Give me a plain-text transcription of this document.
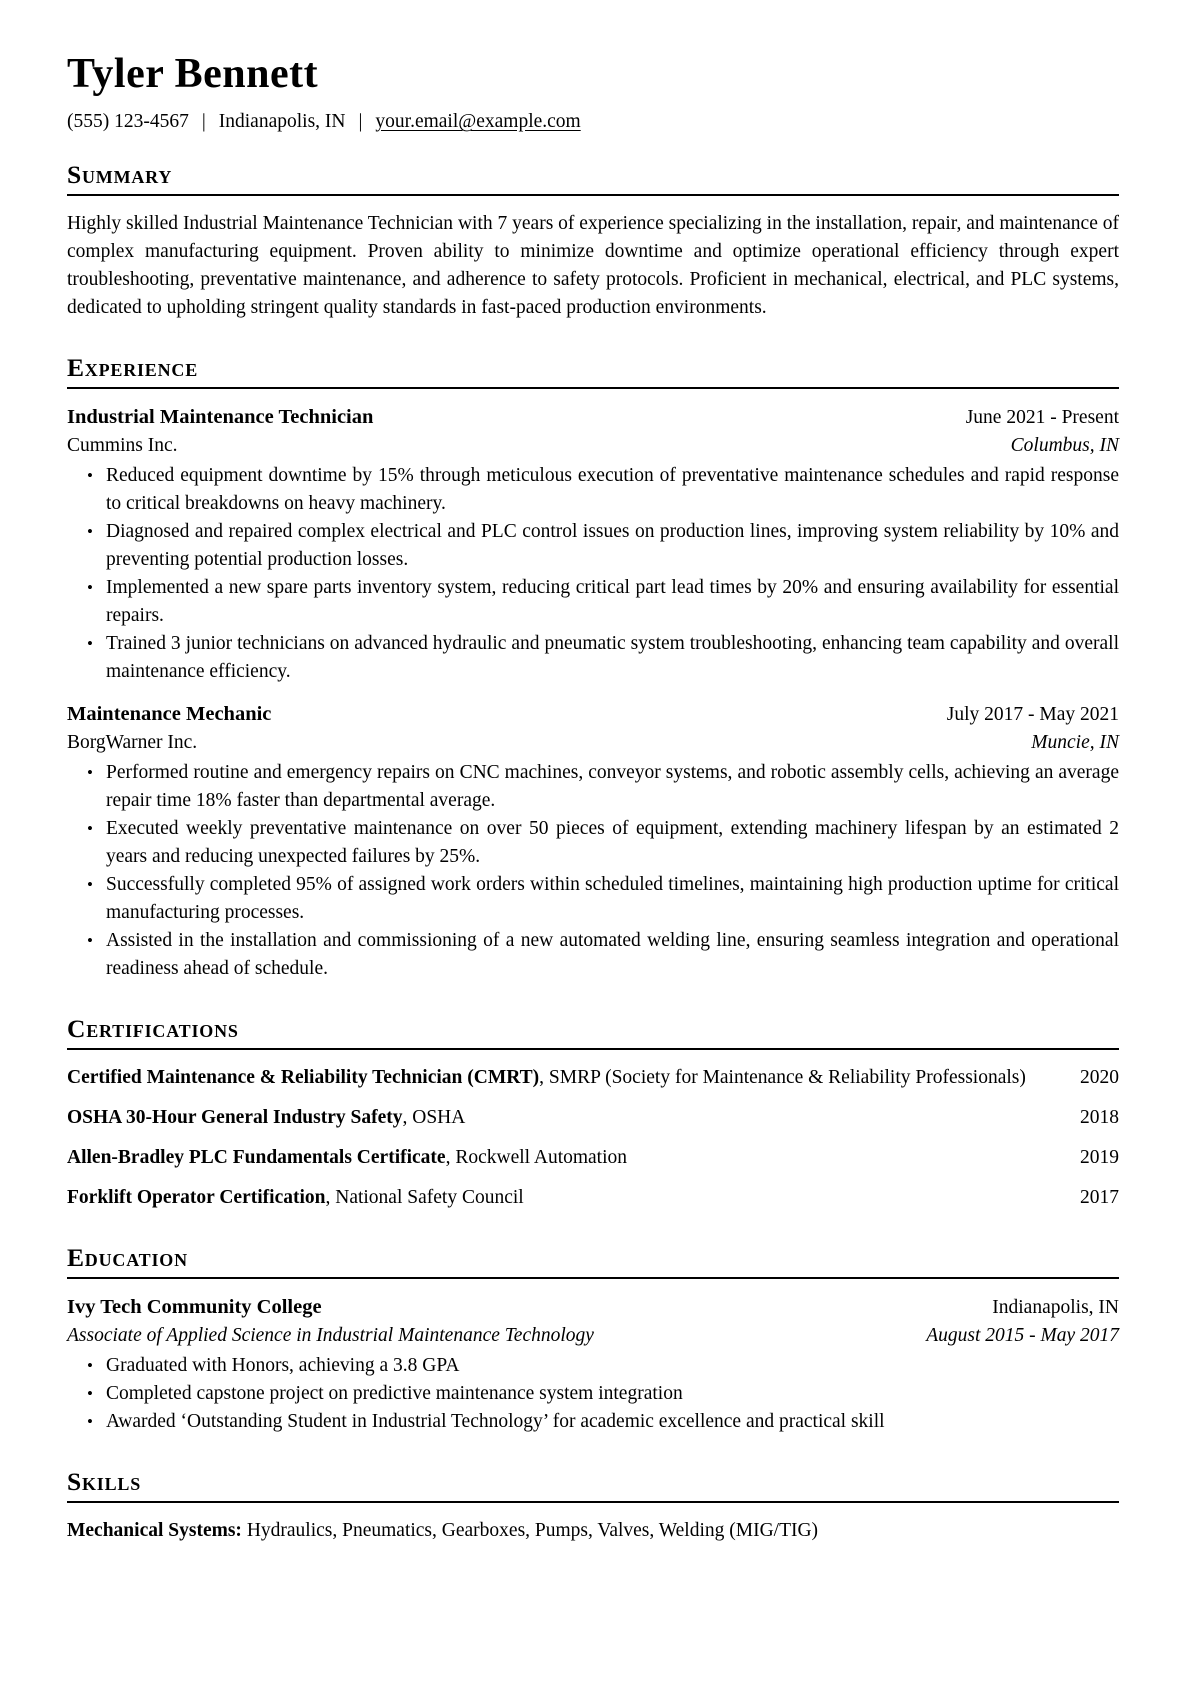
Tyler Bennett
(555) 123-4567 | Indianapolis, IN | your.email@example.com
Summary

Highly skilled Industrial Maintenance Technician with 7 years of experience specializing in the installation, repair, and maintenance of complex manufacturing equipment. Proven ability to minimize downtime and optimize operational efficiency through expert troubleshooting, preventative maintenance, and adherence to safety protocols. Proficient in mechanical, electrical, and PLC systems, dedicated to upholding stringent quality standards in fast-paced production environments.

Experience
Industrial Maintenance Technician	June 2021 - Present
Cummins Inc.	Columbus, IN
• Reduced equipment downtime by 15% through meticulous execution of preventative maintenance schedules and rapid response to critical breakdowns on heavy machinery.
• Diagnosed and repaired complex electrical and PLC control issues on production lines, improving system reliability by 10% and preventing potential production losses.
• Implemented a new spare parts inventory system, reducing critical part lead times by 20% and ensuring availability for essential repairs.
• Trained 3 junior technicians on advanced hydraulic and pneumatic system troubleshooting, enhancing team capability and overall maintenance efficiency.
Maintenance Mechanic	July 2017 - May 2021
BorgWarner Inc.	Muncie, IN
• Performed routine and emergency repairs on CNC machines, conveyor systems, and robotic assembly cells, achieving an average repair time 18% faster than departmental average.
• Executed weekly preventative maintenance on over 50 pieces of equipment, extending machinery lifespan by an estimated 2 years and reducing unexpected failures by 25%.
• Successfully completed 95% of assigned work orders within scheduled timelines, maintaining high production uptime for critical manufacturing processes.
• Assisted in the installation and commissioning of a new automated welding line, ensuring seamless integration and operational readiness ahead of schedule.
Certifications

Certified Maintenance & Reliability Technician (CMRT), SMRP (Society for Maintenance & Reliability Professionals)	2020

OSHA 30-Hour General Industry Safety, OSHA	2018

Allen-Bradley PLC Fundamentals Certificate, Rockwell Automation	2019

Forklift Operator Certification, National Safety Council	2017
Education
Ivy Tech Community College	Indianapolis, IN
Associate of Applied Science in Industrial Maintenance Technology	August 2015 - May 2017
• Graduated with Honors, achieving a 3.8 GPA
• Completed capstone project on predictive maintenance system integration
• Awarded ‘Outstanding Student in Industrial Technology’ for academic excellence and practical skill
Skills

Mechanical Systems: Hydraulics, Pneumatics, Gearboxes, Pumps, Valves, Welding (MIG/TIG)
